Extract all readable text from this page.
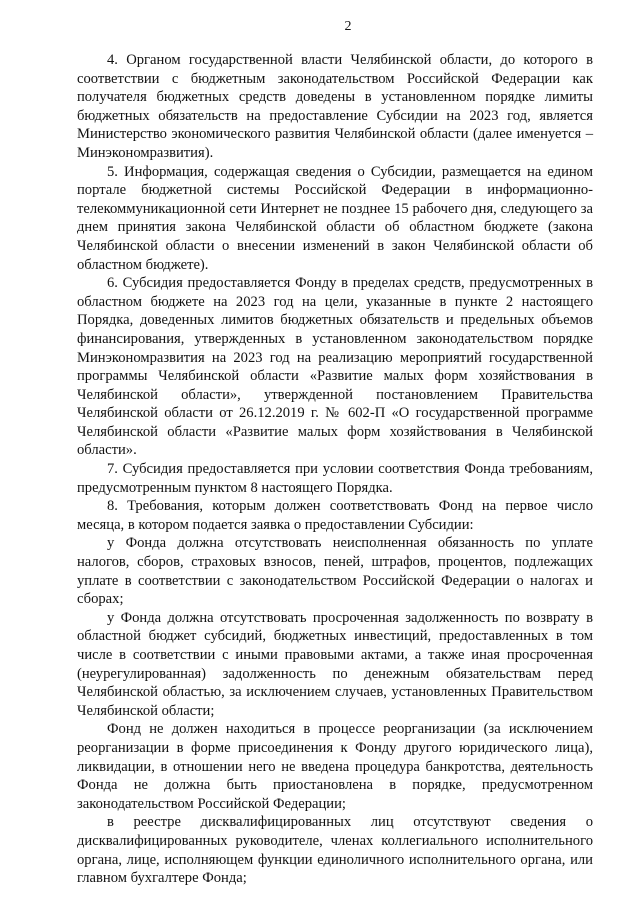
2

4. Органом государственной власти Челябинской области, до которого в соответствии с бюджетным законодательством Российской Федерации как получателя бюджетных средств доведены в установленном порядке лимиты бюджетных обязательств на предоставление Субсидии на 2023 год, является Министерство экономического развития Челябинской области (далее именуется – Минэкономразвития).

5. Информация, содержащая сведения о Субсидии, размещается на едином портале бюджетной системы Российской Федерации в информационно-телекоммуникационной сети Интернет не позднее 15 рабочего дня, следующего за днем принятия закона Челябинской области об областном бюджете (закона Челябинской области о внесении изменений в закон Челябинской области об областном бюджете).

6. Субсидия предоставляется Фонду в пределах средств, предусмотренных в областном бюджете на 2023 год на цели, указанные в пункте 2 настоящего Порядка, доведенных лимитов бюджетных обязательств и предельных объемов финансирования, утвержденных в установленном законодательством порядке Минэкономразвития на 2023 год на реализацию мероприятий государственной программы Челябинской области «Развитие малых форм хозяйствования в Челябинской области», утвержденной постановлением Правительства Челябинской области от 26.12.2019 г. № 602-П «О государственной программе Челябинской области «Развитие малых форм хозяйствования в Челябинской области».

7. Субсидия предоставляется при условии соответствия Фонда требованиям, предусмотренным пунктом 8 настоящего Порядка.

8. Требования, которым должен соответствовать Фонд на первое число месяца, в котором подается заявка о предоставлении Субсидии:

у Фонда должна отсутствовать неисполненная обязанность по уплате налогов, сборов, страховых взносов, пеней, штрафов, процентов, подлежащих уплате в соответствии с законодательством Российской Федерации о налогах и сборах;

у Фонда должна отсутствовать просроченная задолженность по возврату в областной бюджет субсидий, бюджетных инвестиций, предоставленных в том числе в соответствии с иными правовыми актами, а также иная просроченная (неурегулированная) задолженность по денежным обязательствам перед Челябинской областью, за исключением случаев, установленных Правительством Челябинской области;

Фонд не должен находиться в процессе реорганизации (за исключением реорганизации в форме присоединения к Фонду другого юридического лица), ликвидации, в отношении него не введена процедура банкротства, деятельность Фонда не должна быть приостановлена в порядке, предусмотренном законодательством Российской Федерации;

в реестре дисквалифицированных лиц отсутствуют сведения о дисквалифицированных руководителе, членах коллегиального исполнительного органа, лице, исполняющем функции единоличного исполнительного органа, или главном бухгалтере Фонда;
